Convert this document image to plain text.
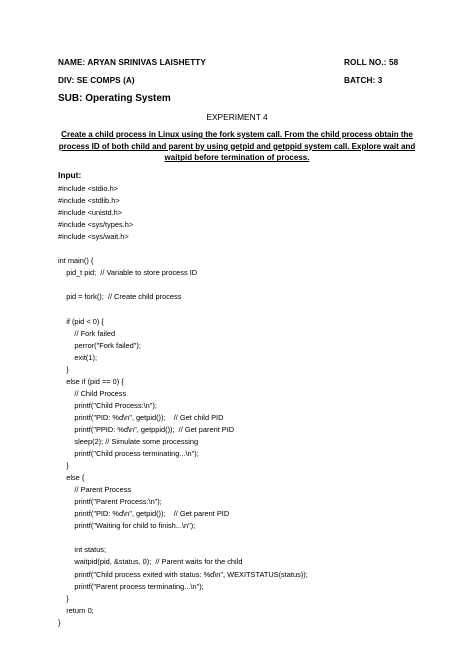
NAME: ARYAN SRINIVAS LAISHETTY	ROLL NO.: 58
DIV: SE COMPS (A)	BATCH: 3
SUB: Operating System
EXPERIMENT 4
Create a child process in Linux using the fork system call. From the child process obtain the process ID of both child and parent by using getpid and getppid system call. Explore wait and waitpid before termination of process.
Input:
#include <stdio.h>
#include <stdlib.h>
#include <unistd.h>
#include <sys/types.h>
#include <sys/wait.h>
int main() {
pid_t pid;  // Variable to store process ID
pid = fork();  // Create child process
if (pid < 0) {
// Fork failed
perror("Fork failed");
exit(1);
}
else if (pid == 0) {
// Child Process
printf("Child Process:\n");
printf("PID: %d\n", getpid());    // Get child PID
printf("PPID: %d\n", getppid());  // Get parent PID
sleep(2); // Simulate some processing
printf("Child process terminating...\n");
}
else {
// Parent Process
printf("Parent Process:\n");
printf("PID: %d\n", getpid());    // Get parent PID
printf("Waiting for child to finish...\n");
int status;
waitpid(pid, &status, 0);  // Parent waits for the child
printf("Child process exited with status: %d\n", WEXITSTATUS(status));
printf("Parent process terminating...\n");
}
return 0;
}
